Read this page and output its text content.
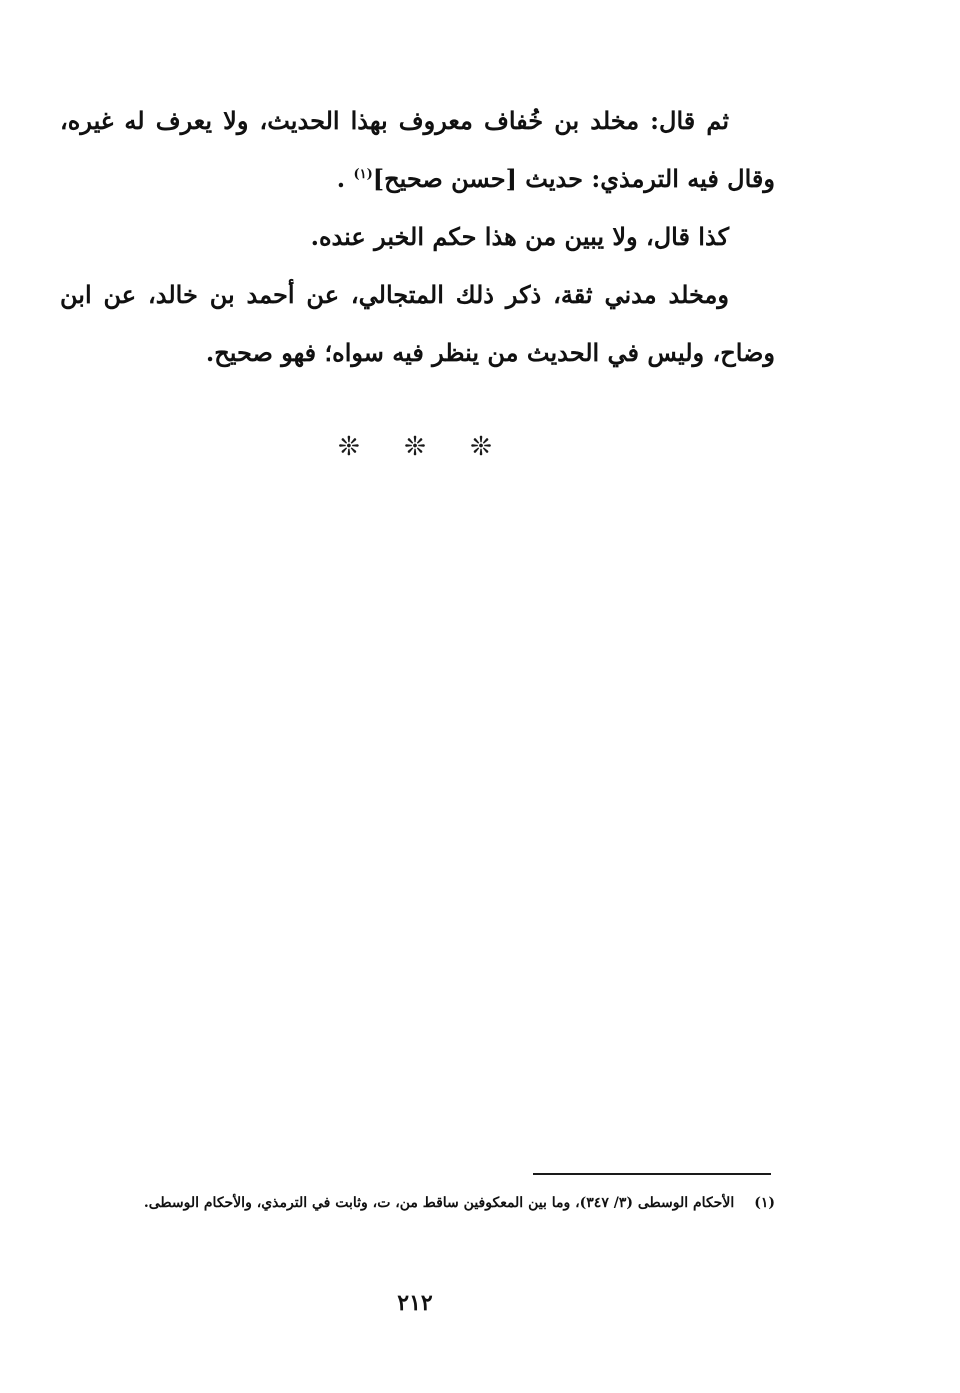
ثم قال: مخلد بن خُفاف معروف بهذا الحديث، ولا يعرف له غيره، وقال فيه الترمذي: حديث [حسن صحيح]$^{(١)}$ .

كذا قال، ولا يبين من هذا حكم الخبر عنده.

ومخلد مدني ثقة، ذكر ذلك المتجالي، عن أحمد بن خالد، عن ابن وضاح، وليس في الحديث من ينظر فيه سواه؛ فهو صحيح.

❊ ❊ ❊
(١)الأحكام الوسطى (٣/ ٣٤٧)، وما بين المعكوفين ساقط من، ت، وثابت في الترمذي، والأحكام الوسطى.
٢١٢
